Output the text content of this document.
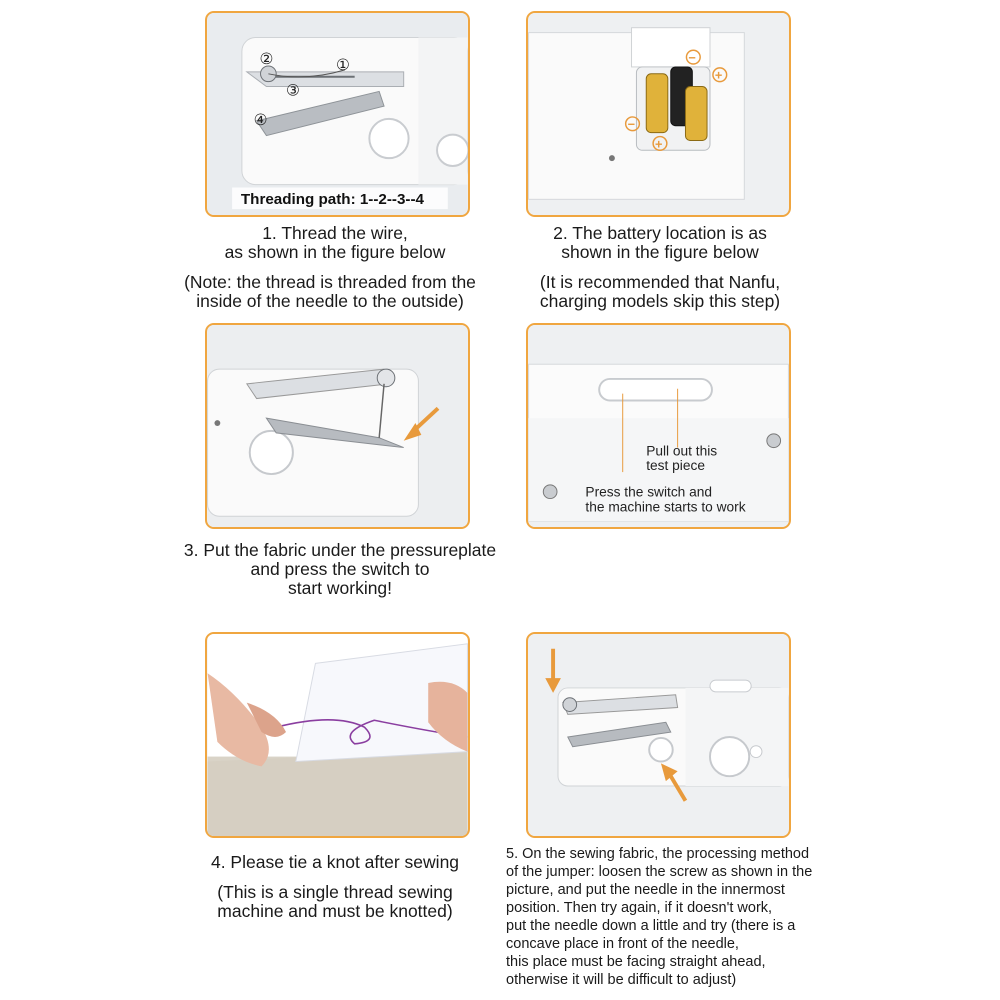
②	①
③
④
Threading path: 1--2--3--4
−
+
−
+
Pull out this
test piece
Press the switch and
the machine starts to work
1. Thread the wire,
as shown in the figure below
(Note: the thread is threaded from the
inside of the needle to the outside)
2. The battery location is as
shown in the figure below
(It is recommended that Nanfu,
charging models skip this step)
3. Put the fabric under the pressureplate
and press the switch to
start working!
4. Please tie a knot after sewing
(This is a single thread sewing
machine and must be knotted)
5. On the sewing fabric, the processing method
of the jumper: loosen the screw as shown in the
picture, and put the needle in the innermost
position. Then try again, if it doesn't work,
put the needle down a little and try (there is a
concave place in front of the needle,
this place must be facing straight ahead,
otherwise it will be difficult to adjust)
